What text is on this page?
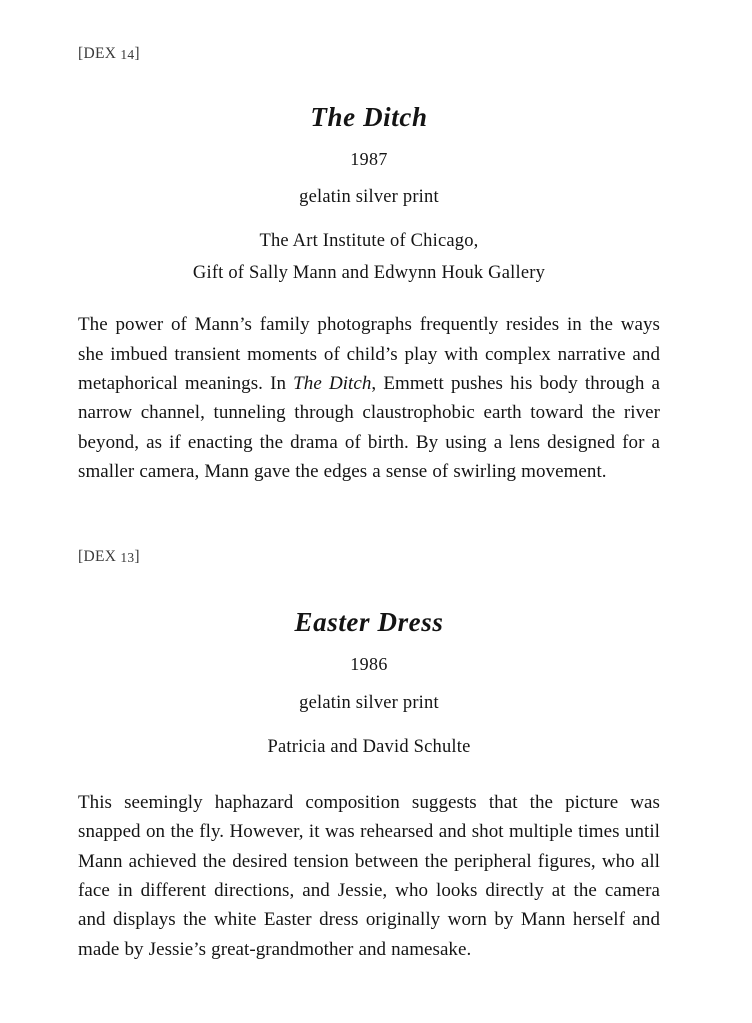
[DEX 14]
The Ditch
1987
gelatin silver print
The Art Institute of Chicago,
Gift of Sally Mann and Edwynn Houk Gallery
The power of Mann’s family photographs frequently resides in the ways she imbued transient moments of child’s play with complex narrative and metaphorical meanings. In The Ditch, Emmett pushes his body through a narrow channel, tunneling through claustrophobic earth toward the river beyond, as if enacting the drama of birth. By using a lens designed for a smaller camera, Mann gave the edges a sense of swirling movement.
[DEX 13]
Easter Dress
1986
gelatin silver print
Patricia and David Schulte
This seemingly haphazard composition suggests that the picture was snapped on the fly. However, it was rehearsed and shot multiple times until Mann achieved the desired tension between the peripheral figures, who all face in different directions, and Jessie, who looks directly at the camera and displays the white Easter dress originally worn by Mann herself and made by Jessie’s great-grandmother and namesake.
